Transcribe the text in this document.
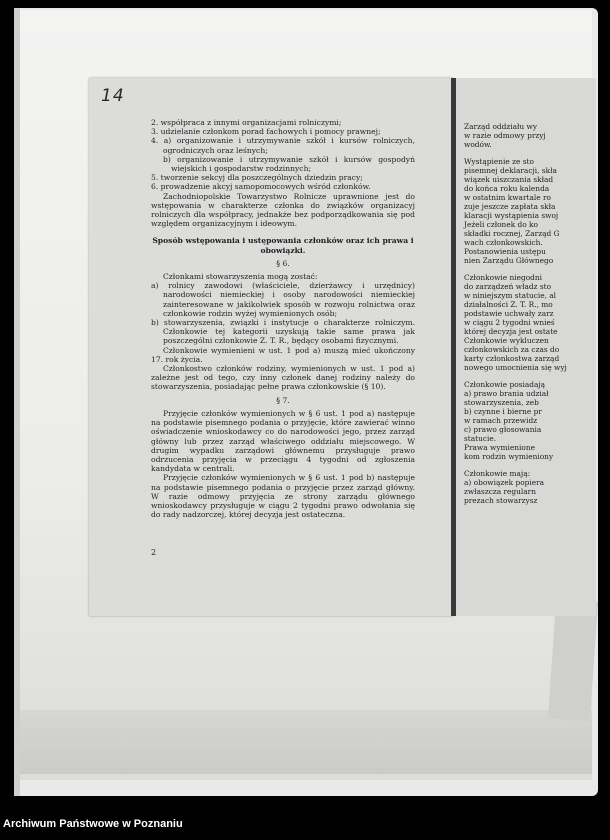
14

2. współpraca z innymi organizacjami rolniczymi;

3. udzielanie członkom porad fachowych i pomocy prawnej;

4. a) organizowanie i utrzymywanie szkół i kursów rolniczych, ogrodniczych oraz leśnych;

b) organizowanie i utrzymywanie szkół i kursów gospodyń wiejskich i gospodarstw rodzinnych;

5. tworzenie sekcyj dla poszczególnych dziedzin pracy;

6. prowadzenie akcyj samopomocowych wśród członków.

Zachodniopolskie Towarzystwo Rolnicze uprawnione jest do wstępowania w charakterze członka do związków organizacyj rolniczych dla współpracy, jednakże bez podporządkowania się pod względem organizacyjnym i ideowym.

Sposób wstępowania i ustępowania członków oraz ich prawa i obowiązki.

§ 6.

Członkami stowarzyszenia mogą zostać:

a) rolnicy zawodowi (właściciele, dzierżawcy i urzędnicy) narodowości niemieckiej i osoby narodowości niemieckiej zainteresowane w jakikolwiek sposób w rozwoju rolnictwa oraz członkowie rodzin wyżej wymienionych osób;

b) stowarzyszenia, związki i instytucje o charakterze rolniczym. Członkowie tej kategorii uzyskują takie same prawa jak poszczególni członkowie Z. T. R., będący osobami fizycznymi.

Członkowie wymienieni w ust. 1 pod a) muszą mieć ukończony 17. rok życia.

Członkostwo członków rodziny, wymienionych w ust. 1 pod a) zależne jest od tego, czy inny członek danej rodziny należy do stowarzyszenia, posiadając pełne prawa członkowskie (§ 10).

§ 7.

Przyjęcie członków wymienionych w § 6 ust. 1 pod a) następuje na podstawie pisemnego podania o przyjęcie, które zawierać winno oświadczenie wnioskodawcy co do narodowości jego, przez zarząd główny lub przez zarząd właściwego oddziału miejscowego. W drugim wypadku zarządowi głównemu przysługuje prawo odrzucenia przyjęcia w przeciągu 4 tygodni od zgłoszenia kandydata w centrali.

Przyjęcie członków wymienionych w § 6 ust. 1 pod b) następuje na podstawie pisemnego podania o przyjęcie przez zarząd główny. W razie odmowy przyjęcia ze strony zarządu głównego wnioskodawcy przysługuje w ciągu 2 tygodni prawo odwołania się do rady nadzorczej, której decyzja jest ostateczna.

2

Zarząd oddziału wy

w razie odmowy przyj

wodów.

Wystąpienie ze sto

pisemnej deklaracji, skła

wiązek uiszczania skład

do końca roku kalenda

w ostatnim kwartale ro

zuje jeszcze zapłata skła

klaracji wystąpienia swoj

Jeżeli członek do ko

składki rocznej, Zarząd G

wach członkowskich.

Postanowienia ustępu

nien Zarządu Głównego

Członkowie niegodni

do zarządzeń władz sto

w niniejszym statucie, al

działalności Z. T. R., mo

podstawie uchwały zarz

w ciągu 2 tygodni wnieś

której decyzja jest ostate

Członkowie wykluczen

członkowskich za czas do

karty członkostwa zarząd

nowego umocnienia się wyj

Członkowie posiadają

a) prawo brania udział

stowarzyszenia, zeb

b) czynne i bierne pr

w ramach przewidz

c) prawo głosowania

statucie.

Prawa wymienione

kom rodzin wymieniony

Członkowie mają:

a) obowiązek popiera

zwłaszcza regularn

prezach stowarzysz

Archiwum Państwowe w Poznaniu
